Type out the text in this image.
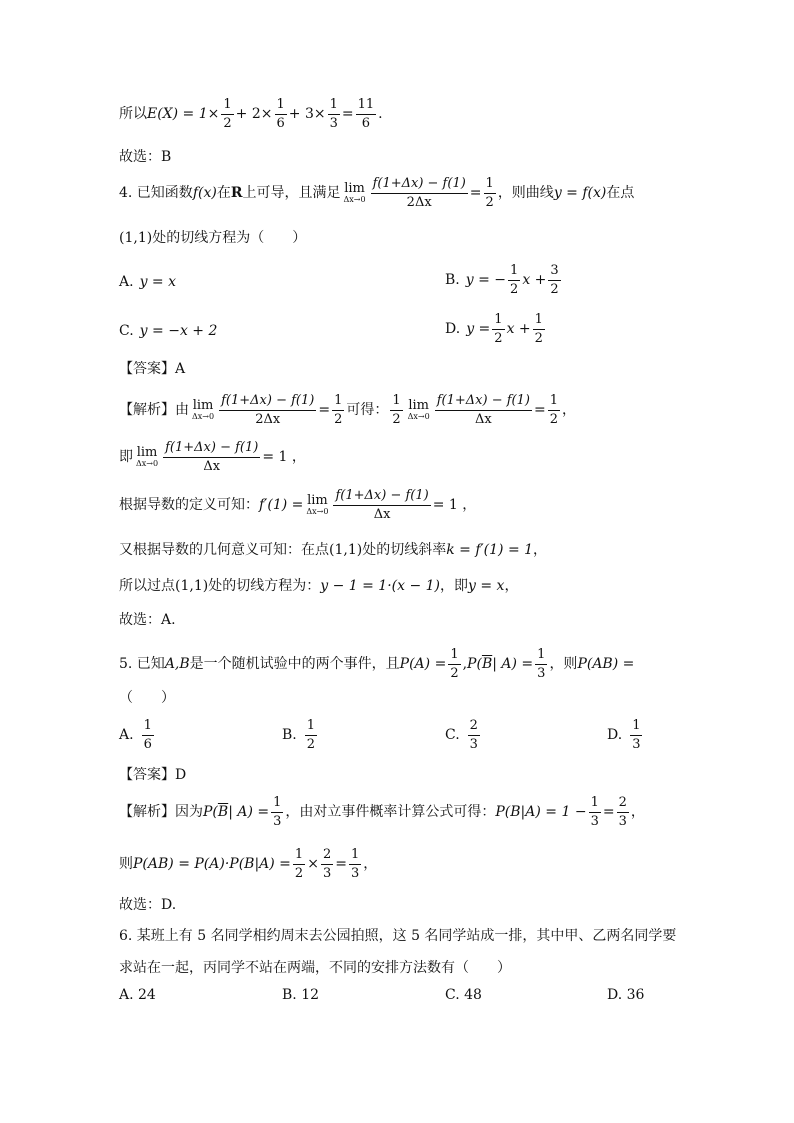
所以 $E(X) = 1\times \frac{1}{2} + 2\times \frac{1}{6} + 3\times \frac{1}{3} = \frac{11}{6}$ .
故选：B
4. 已知函数 f(x) 在 R 上可导，且满足 lim
$\Delta x\to 0 \frac{f(1+\Delta x) - f(1)}{2\Delta x} = \frac{1}{2}$ ，则曲线 y = f(x) 在点
(1,1) 处的切线方程为（　　）
A. y = x	B. y = − $\frac{1}{2}$ $x + \frac{3}{2}$
C. y = −x + 2	D. $y = \frac{1}{2}$ $x + \frac{1}{2}$
【答案】A
【解析】由 lim
$\Delta x\to 0 \frac{f(1+\Delta x) - f(1)}{2\Delta x} = \frac{1}{2}$ 可得： $\frac{1}{2}$ lim
$\Delta x\to 0 \frac{f(1+\Delta x) - f(1)}{\Delta x} = \frac{1}{2}$ ，
即 lim
$\Delta x\to 0 \frac{f(1+\Delta x) - f(1)}{\Delta x} = 1$ ，
根据导数的定义可知： f′(1) = lim
$\Delta x\to 0 \frac{f(1+\Delta x) - f(1)}{\Delta x} = 1$ ，
又根据导数的几何意义可知：在点 (1,1) 处的切线斜率 k = f′(1) = 1 ，
所以过点 (1,1) 处的切线方程为： y − 1 = 1·(x − 1) ，即 y = x ，
故选：A.
5. 已知 A,B 是一个随机试验中的两个事件，且 $P(A) = \frac{1}{2}$ , P( $\overline{B}$ | $A) = \frac{1}{3}$ ，则 P(AB) =
（　　）
A. $\frac{1}{6}$	B. $\frac{1}{2}$	C. $\frac{2}{3}$	D. $\frac{1}{3}$
【答案】D
【解析】因为 P( $\overline{B}$ | $A) = \frac{1}{3}$ ，由对立事件概率计算公式可得： $P(B|A) = 1 - \frac{1}{3} = \frac{2}{3}$ ，
则 $P(AB) = P(A)\cdot P(B|A) = \frac{1}{2} \times \frac{2}{3} = \frac{1}{3}$ ，
故选：D.
6. 某班上有 5 名同学相约周末去公园拍照，这 5 名同学站成一排，其中甲、乙两名同学要
求站在一起，丙同学不站在两端，不同的安排方法数有（　　）
A. 24	B. 12	C. 48	D. 36
